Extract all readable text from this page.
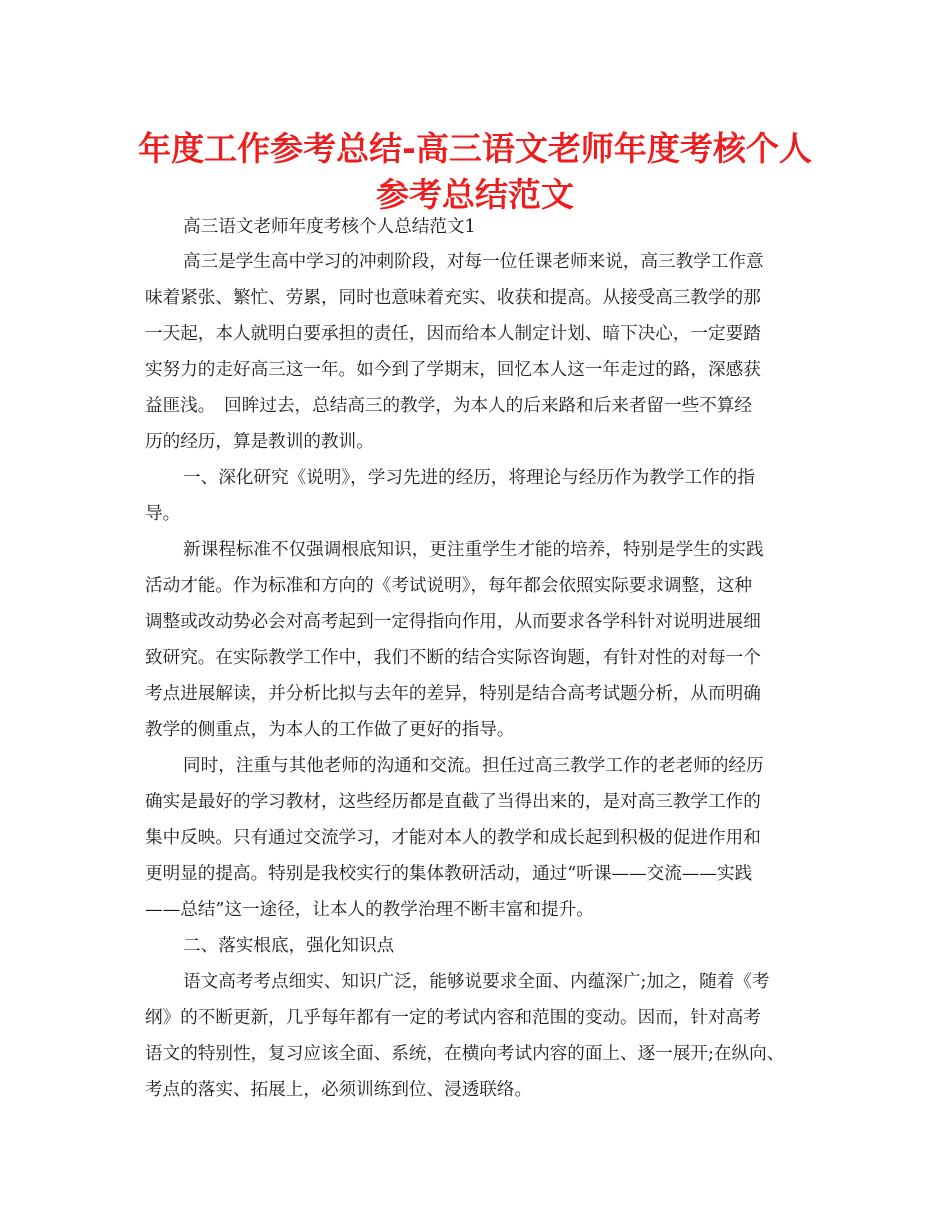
年度工作参考总结-高三语文老师年度考核个人
参考总结范文

高三语文老师年度考核个人总结范文1

高三是学生高中学习的冲刺阶段，对每一位任课老师来说，高三教学工作意

味着紧张、繁忙、劳累，同时也意味着充实、收获和提高。从接受高三教学的那

一天起，本人就明白要承担的责任，因而给本人制定计划、暗下决心，一定要踏

实努力的走好高三这一年。如今到了学期末，回忆本人这一年走过的路，深感获

益匪浅。　回眸过去，总结高三的教学，为本人的后来路和后来者留一些不算经

历的经历，算是教训的教训。

一、深化研究《说明》，学习先进的经历，将理论与经历作为教学工作的指

导。

新课程标准不仅强调根底知识，更注重学生才能的培养，特别是学生的实践

活动才能。作为标准和方向的《考试说明》，每年都会依照实际要求调整，这种

调整或改动势必会对高考起到一定得指向作用，从而要求各学科针对说明进展细

致研究。在实际教学工作中，我们不断的结合实际咨询题，有针对性的对每一个

考点进展解读，并分析比拟与去年的差异，特别是结合高考试题分析，从而明确

教学的侧重点，为本人的工作做了更好的指导。

同时，注重与其他老师的沟通和交流。担任过高三教学工作的老老师的经历

确实是最好的学习教材，这些经历都是直截了当得出来的，是对高三教学工作的

集中反映。只有通过交流学习，才能对本人的教学和成长起到积极的促进作用和

更明显的提高。特别是我校实行的集体教研活动，通过“听课——交流——实践

——总结”这一途径，让本人的教学治理不断丰富和提升。

二、落实根底，强化知识点

语文高考考点细实、知识广泛，能够说要求全面、内蕴深广;加之，随着《考

纲》的不断更新，几乎每年都有一定的考试内容和范围的变动。因而，针对高考

语文的特别性，复习应该全面、系统，在横向考试内容的面上、逐一展开;在纵向、

考点的落实、拓展上，必须训练到位、浸透联络。
